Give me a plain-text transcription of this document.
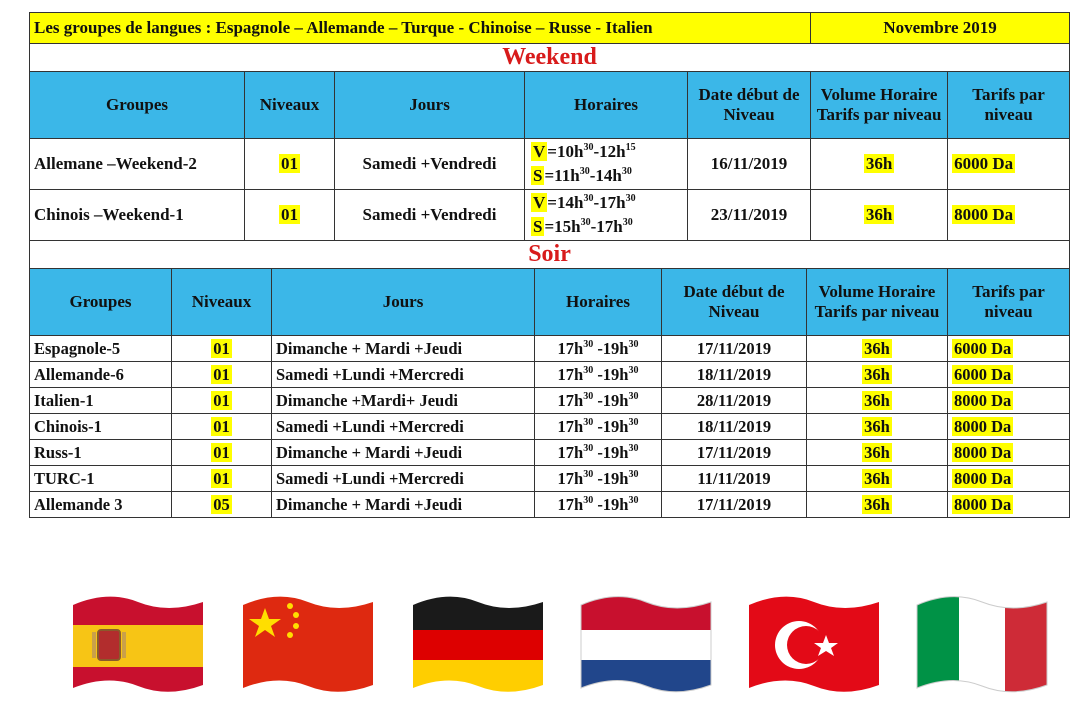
Les groupes de langues : Espagnole – Allemande – Turque - Chinoise – Russe - Italien					Novembre 2019	
Weekend						
Groupes	Niveaux	Jours	Horaires	Date début de Niveau	Volume Horaire Tarifs par niveau	Tarifs par niveau
Allemane –Weekend-2	01	Samedi +Vendredi	$V =10h^{30}-12h^{15}$
$S =11h^{30}-14h^{30}$	16/11/2019	36h	6000 Da
Chinois –Weekend-1	01	Samedi +Vendredi	$V =14h^{30}-17h^{30}$
$S =15h^{30}-17h^{30}$	23/11/2019	36h	8000 Da
Soir						
Groupes	Niveaux	Jours	Horaires	Date début de Niveau	Volume Horaire Tarifs par niveau	Tarifs par niveau
Espagnole-5	01	Dimanche + Mardi +Jeudi	$17h^{30}$ $-19h^{30}$	17/11/2019	36h	6000 Da
Allemande-6	01	Samedi +Lundi +Mercredi	$17h^{30}$ $-19h^{30}$	18/11/2019	36h	6000 Da
Italien-1	01	Dimanche +Mardi+ Jeudi	$17h^{30}$ $-19h^{30}$	28/11/2019	36h	8000 Da
Chinois-1	01	Samedi +Lundi +Mercredi	$17h^{30}$ $-19h^{30}$	18/11/2019	36h	8000 Da
Russ-1	01	Dimanche + Mardi +Jeudi	$17h^{30}$ $-19h^{30}$	17/11/2019	36h	8000 Da
TURC-1	01	Samedi +Lundi +Mercredi	$17h^{30}$ $-19h^{30}$	11/11/2019	36h	8000 Da
Allemande 3	05	Dimanche + Mardi +Jeudi	$17h^{30}$ $-19h^{30}$	17/11/2019	36h	8000 Da
